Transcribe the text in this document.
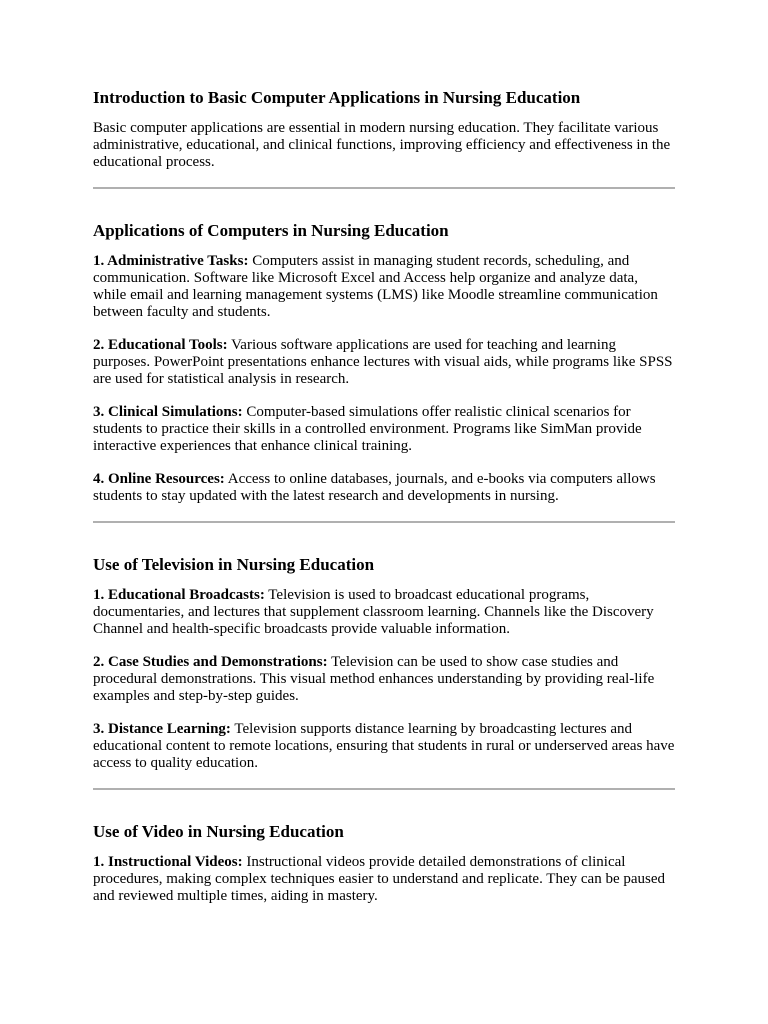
Introduction to Basic Computer Applications in Nursing Education

Basic computer applications are essential in modern nursing education. They facilitate various administrative, educational, and clinical functions, improving efficiency and effectiveness in the educational process.

Applications of Computers in Nursing Education

1. Administrative Tasks: Computers assist in managing student records, scheduling, and communication. Software like Microsoft Excel and Access help organize and analyze data, while email and learning management systems (LMS) like Moodle streamline communication between faculty and students.

2. Educational Tools: Various software applications are used for teaching and learning purposes. PowerPoint presentations enhance lectures with visual aids, while programs like SPSS are used for statistical analysis in research.

3. Clinical Simulations: Computer-based simulations offer realistic clinical scenarios for students to practice their skills in a controlled environment. Programs like SimMan provide interactive experiences that enhance clinical training.

4. Online Resources: Access to online databases, journals, and e-books via computers allows students to stay updated with the latest research and developments in nursing.

Use of Television in Nursing Education

1. Educational Broadcasts: Television is used to broadcast educational programs, documentaries, and lectures that supplement classroom learning. Channels like the Discovery Channel and health-specific broadcasts provide valuable information.

2. Case Studies and Demonstrations: Television can be used to show case studies and procedural demonstrations. This visual method enhances understanding by providing real-life examples and step-by-step guides.

3. Distance Learning: Television supports distance learning by broadcasting lectures and educational content to remote locations, ensuring that students in rural or underserved areas have access to quality education.

Use of Video in Nursing Education

1. Instructional Videos: Instructional videos provide detailed demonstrations of clinical procedures, making complex techniques easier to understand and replicate. They can be paused and reviewed multiple times, aiding in mastery.
